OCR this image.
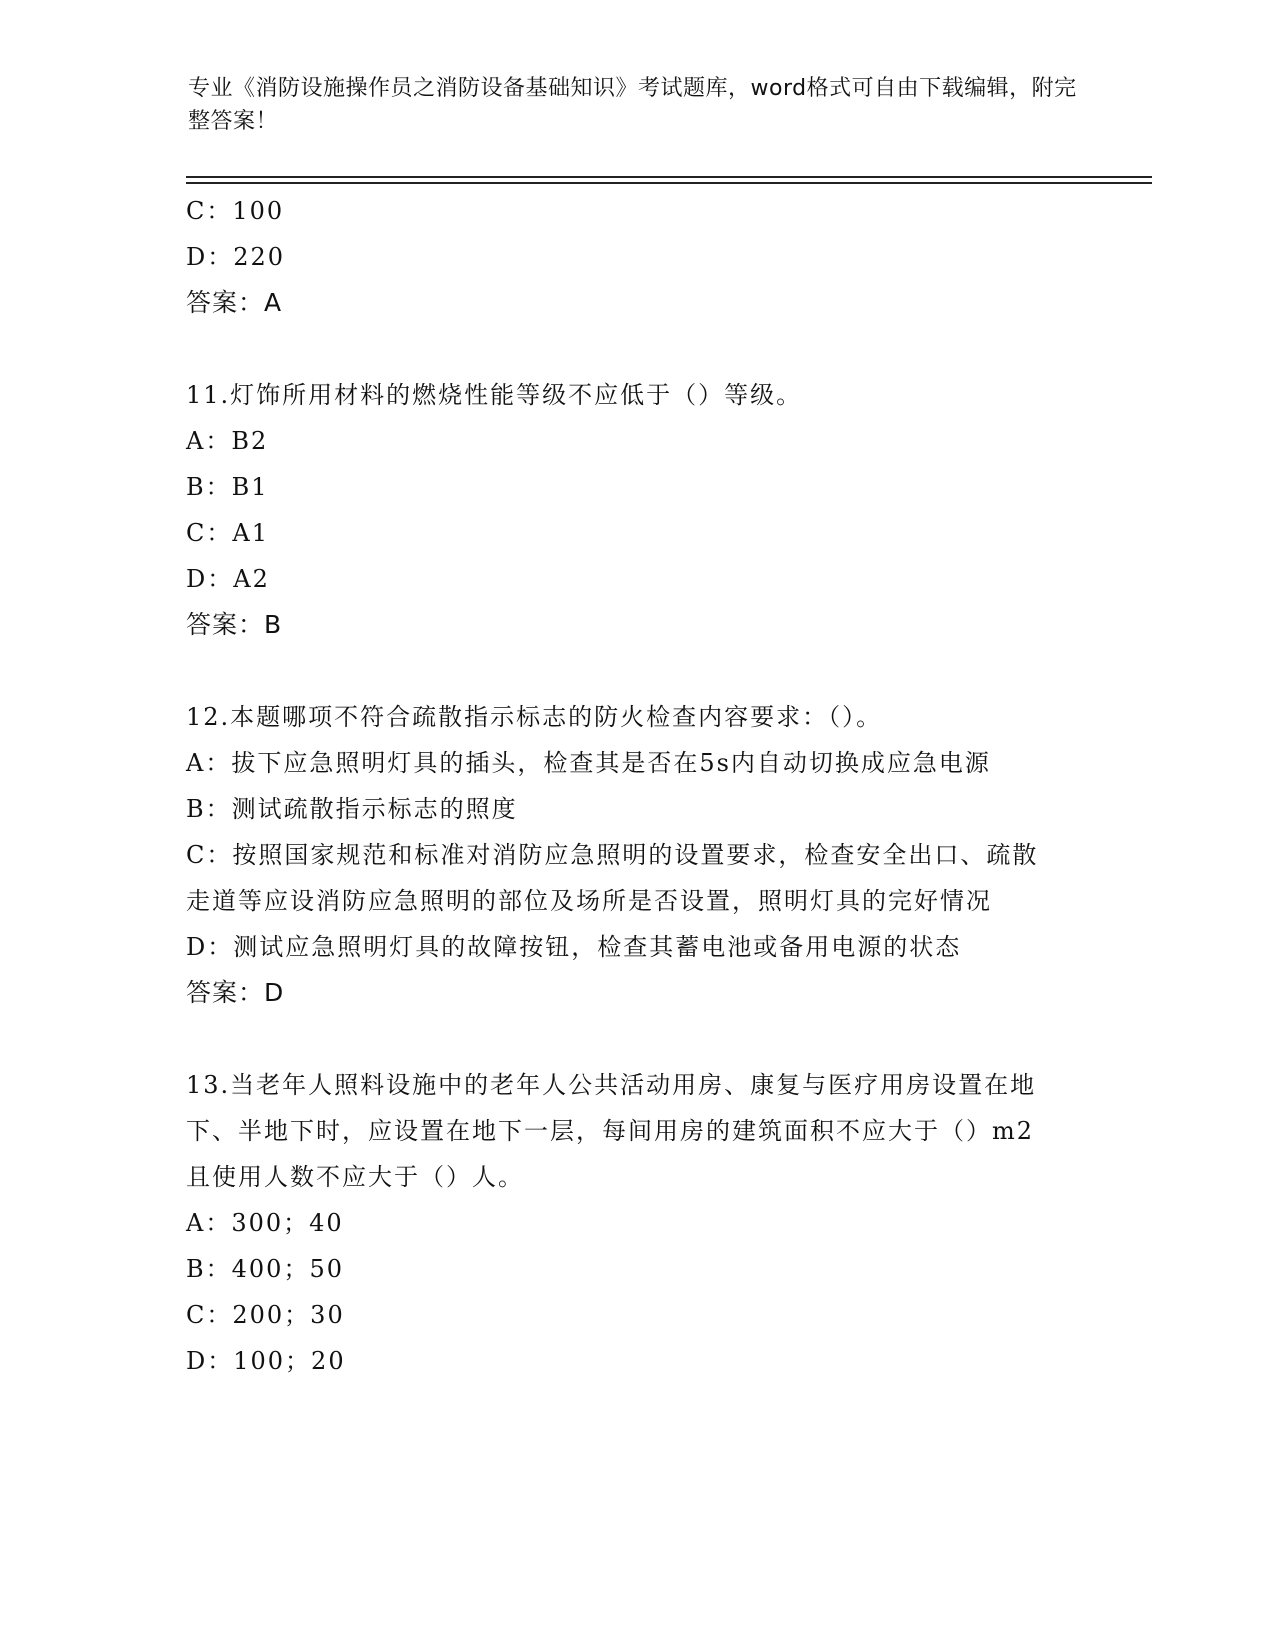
专业《消防设施操作员之消防设备基础知识》考试题库，word格式可自由下载编辑，附完整答案！
C：100
D：220
答案：A
11.灯饰所用材料的燃烧性能等级不应低于（）等级。
A：B2
B：B1
C：A1
D：A2
答案：B
12.本题哪项不符合疏散指示标志的防火检查内容要求：（）。
A：拔下应急照明灯具的插头，检查其是否在5s内自动切换成应急电源
B：测试疏散指示标志的照度
C：按照国家规范和标准对消防应急照明的设置要求，检查安全出口、疏散走道等应设消防应急照明的部位及场所是否设置，照明灯具的完好情况
D：测试应急照明灯具的故障按钮，检查其蓄电池或备用电源的状态
答案：D
13.当老年人照料设施中的老年人公共活动用房、康复与医疗用房设置在地下、半地下时，应设置在地下一层，每间用房的建筑面积不应大于（）m2且使用人数不应大于（）人。
A：300；40
B：400；50
C：200；30
D：100；20
